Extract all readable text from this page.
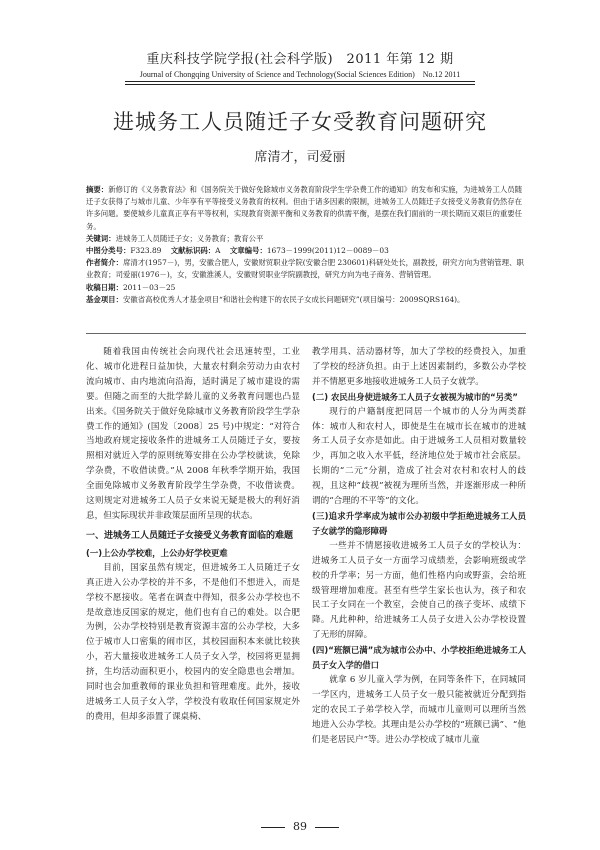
重庆科技学院学报(社会科学版)　2011 年第 12 期
Journal of Chongqing University of Science and Technology(Social Sciences Edition)　No.12 2011
进城务工人员随迁子女受教育问题研究
席清才，司爱丽
摘要：新修订的《义务教育法》和《国务院关于做好免除城市义务教育阶段学生学杂费工作的通知》的发布和实施，为进城务工人员随迁子女获得了与城市儿童、少年享有平等接受义务教育的权利。但由于诸多因素的限制，进城务工人员随迁子女接受义务教育仍然存在许多问题。要使城乡儿童真正享有平等权利，实现教育资源平衡和义务教育的供需平衡，是摆在我们面前的一项长期而又艰巨的重要任务。
关键词：进城务工人员随迁子女；义务教育；教育公平
中图分类号：F323.89 文献标识码：A 文章编号：1673－1999(2011)12－0089－03
作者简介：席清才(1957－)，男，安徽合肥人，安徽财贸职业学院(安徽合肥 230601)科研处处长，副教授，研究方向为营销管理、职业教育；司爱丽(1976－)，女，安徽淮溪人，安徽财贸职业学院副教授，研究方向为电子商务、营销管理。
收稿日期：2011－03－25
基金项目：安徽省高校优秀人才基金项目“和谐社会构建下的农民子女成长问题研究”(项目编号：2009SQRS164)。

随着我国由传统社会向现代社会迅速转型，工业化、城市化进程日益加快，大量农村剩余劳动力由农村流向城市、由内地流向沿海，适时满足了城市建设的需要。但随之而至的大批学龄儿童的义务教育问题也凸显出来。《国务院关于做好免除城市义务教育阶段学生学杂费工作的通知》(国发〔2008〕25 号)中规定：“对符合当地政府规定接收条件的进城务工人员随迁子女，要按照相对就近入学的原则统筹安排在公办学校就读，免除学杂费，不收借读费。”从 2008 年秋季学期开始，我国全面免除城市义务教育阶段学生学杂费，不收借读费。这则规定对进城务工人员子女来说无疑是极大的利好消息，但实际现状并非政策层面所呈现的状态。

一、进城务工人员随迁子女接受义务教育面临的难题
(一)上公办学校难，上公办好学校更难

目前，国家虽然有规定，但进城务工人员随迁子女真正进入公办学校的并不多，不是他们不想进入，而是学校不愿接收。笔者在调查中得知，很多公办学校也不是故意违反国家的规定，他们也有自己的难处。以合肥为例，公办学校特别是教育资源丰富的公办学校，大多位于城市人口密集的闹市区，其校园面积本来就比较狭小，若大量接收进城务工人员子女入学，校园将更显拥挤，生均活动面积更小，校园内的安全隐患也会增加。同时也会加重教师的课业负担和管理难度。此外，接收进城务工人员子女入学，学校没有收取任何国家规定外的费用，但却多添置了课桌椅、

教学用具、活动器材等，加大了学校的经费投入，加重了学校的经济负担。由于上述因素制约，多数公办学校并不情愿更多地接收进城务工人员子女就学。

(二) 农民出身使进城务工人员子女被视为城市的“另类”

现行的户籍制度把同居一个城市的人分为两类群体：城市人和农村人，即使是生在城市长在城市的进城务工人员子女亦是如此。由于进城务工人员相对数量较少，再加之收入水平低，经济地位处于城市社会底层。长期的“二元”分割，造成了社会对农村和农村人的歧视，且这种“歧视”被视为理所当然，并逐渐形成一种所谓的“合理的不平等”的文化。

(三)追求升学率成为城市公办初级中学拒绝进城务工人员子女就学的隐形障碍

一些并不情愿接收进城务工人员子女的学校认为：进城务工人员子女一方面学习成绩差，会影响班级或学校的升学率；另一方面，他们性格内向或野蛮，会给班级管理增加难度。甚至有些学生家长也认为，孩子和农民工子女同在一个教室，会使自己的孩子变坏、成绩下降。凡此种种，给进城务工人员子女进入公办学校设置了无形的屏障。

(四)“班额已满”成为城市公办中、小学校拒绝进城务工人员子女入学的借口

就拿 6 岁儿童入学为例，在同等条件下，在同城同一学区内，进城务工人员子女一般只能被就近分配到指定的农民工子弟学校入学，而城市儿童则可以理所当然地进入公办学校。其理由是公办学校的“班额已满”、“他们是老居民户”等。进公办学校成了城市儿童

89
